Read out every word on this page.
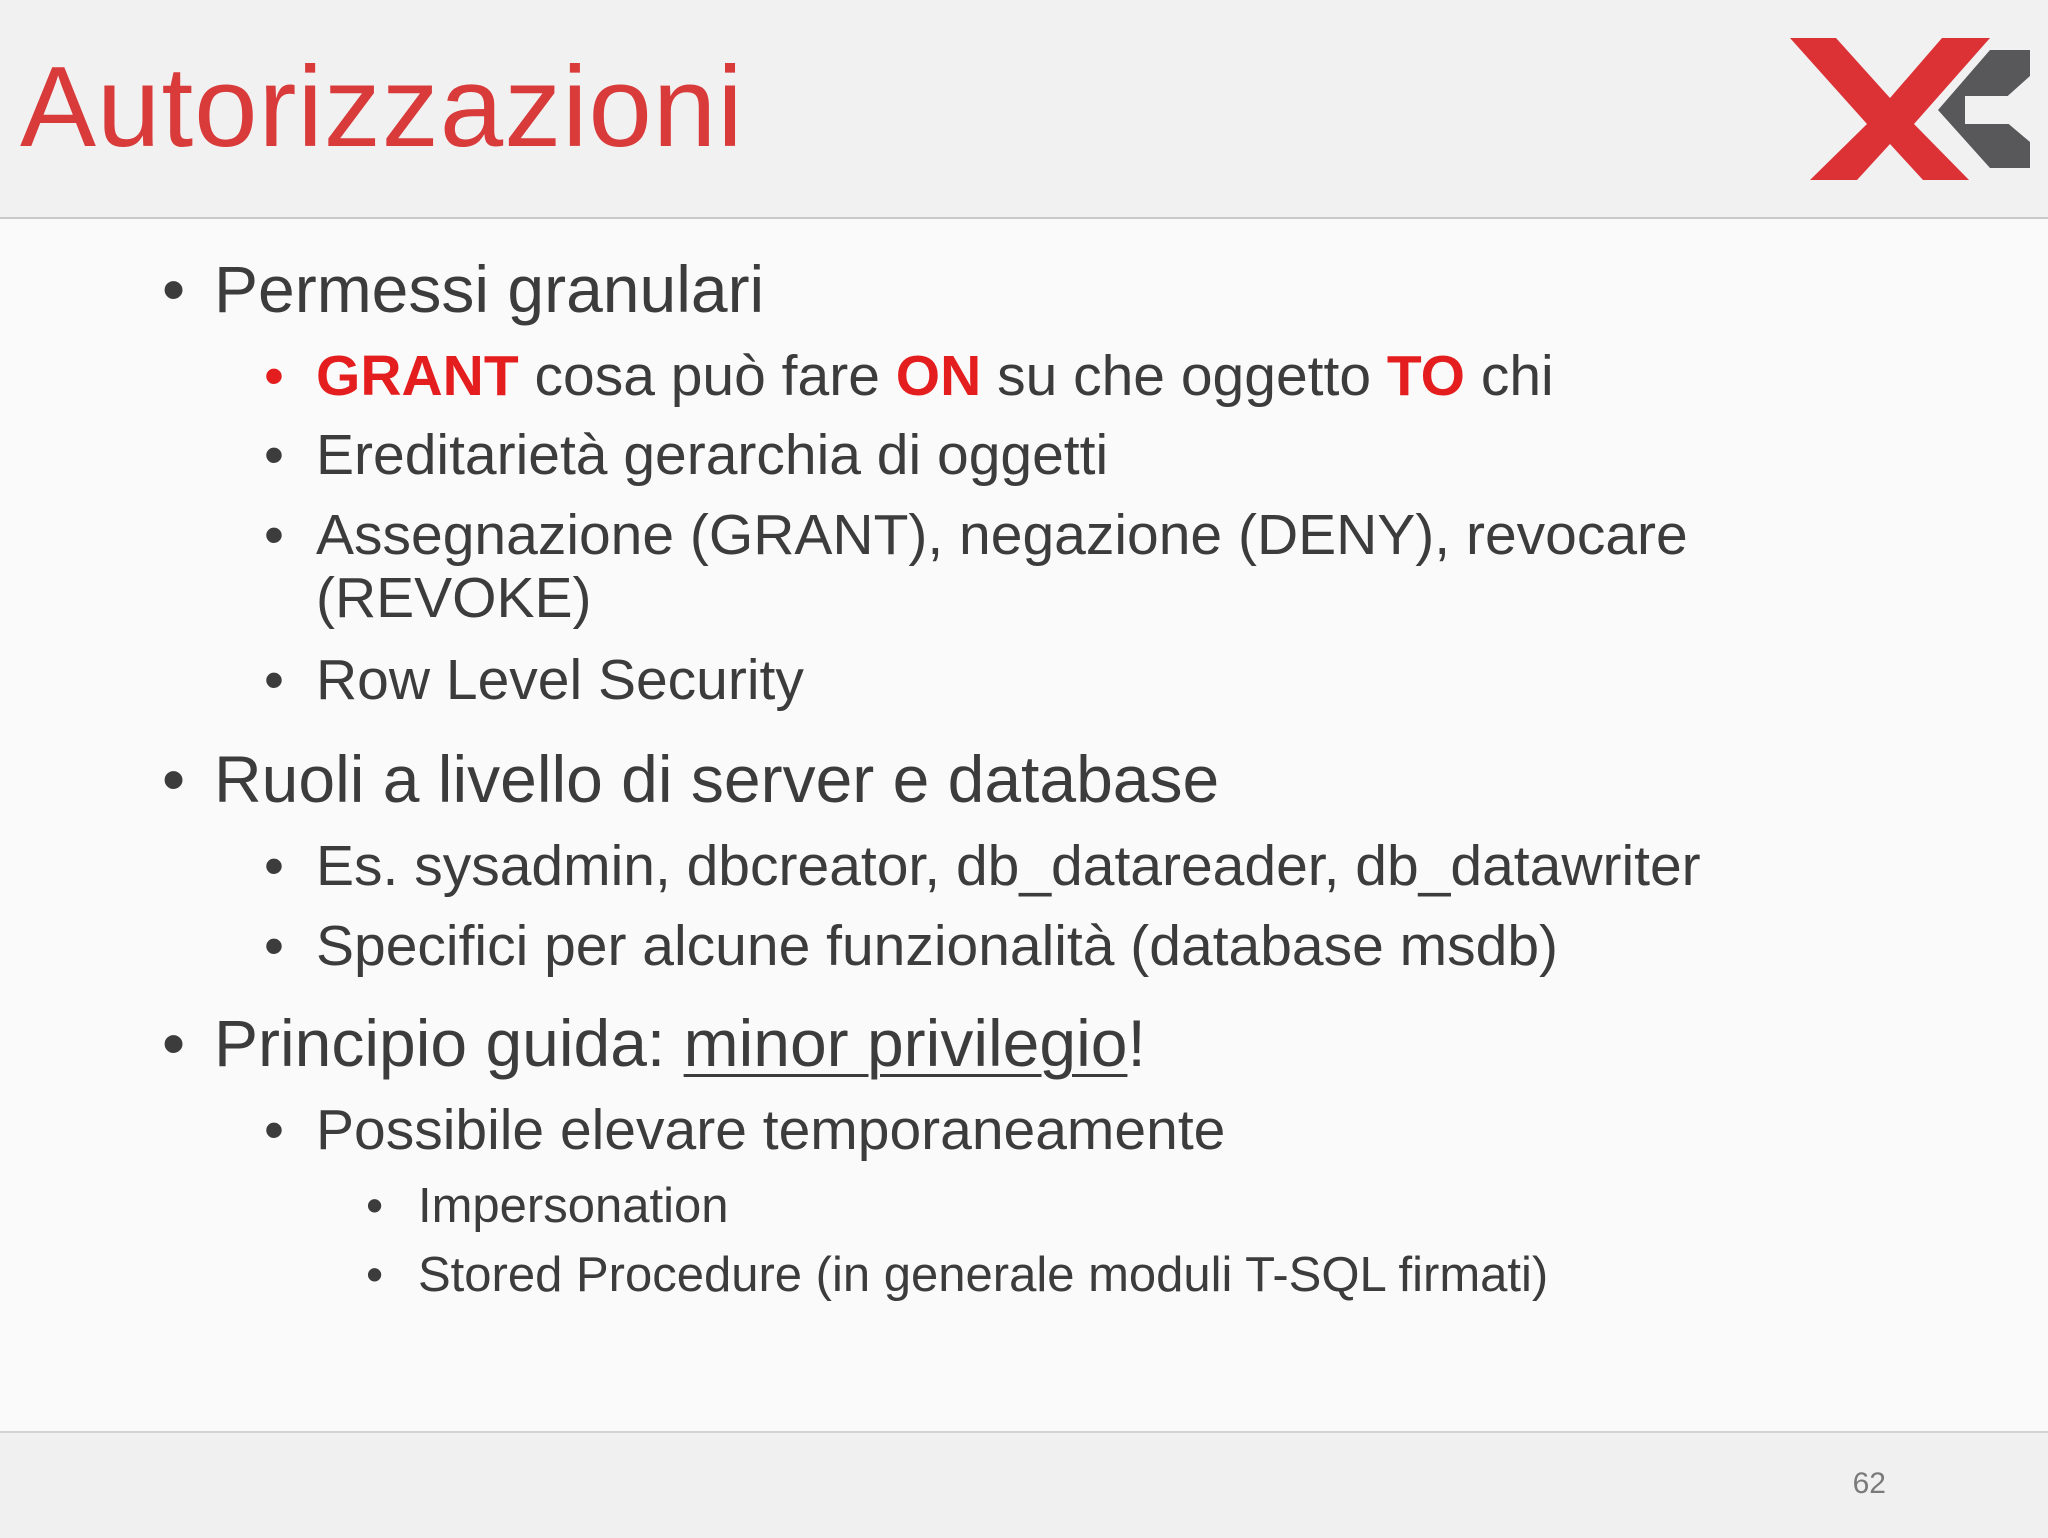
Autorizzazioni
• Permessi granulari
• GRANT cosa può fare ON su che oggetto TO chi
• Ereditarietà gerarchia di oggetti
• Assegnazione (GRANT), negazione (DENY), revocare
(REVOKE)
• Row Level Security
• Ruoli a livello di server e database
• Es. sysadmin, dbcreator, db_datareader, db_datawriter
• Specifici per alcune funzionalità (database msdb)
• Principio guida: minor privilegio!
• Possibile elevare temporaneamente
• Impersonation
• Stored Procedure (in generale moduli T-SQL firmati)
62
